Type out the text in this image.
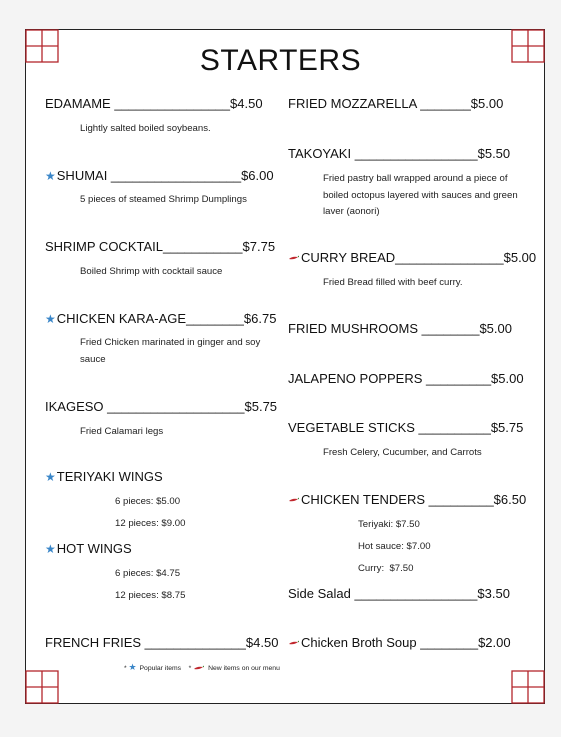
STARTERS
EDAMAME ________________$4.50
Lightly salted boiled soybeans.
★SHUMAI __________________$6.00
5 pieces of steamed Shrimp Dumplings
SHRIMP COCKTAIL___________$7.75
Boiled Shrimp with cocktail sauce
★CHICKEN KARA-AGE________$6.75
Fried Chicken marinated in ginger and soy sauce
IKAGESO ___________________$5.75
Fried Calamari legs
★TERIYAKI WINGS
6 pieces: $5.00
12 pieces: $9.00
★HOT WINGS
6 pieces: $4.75
12 pieces: $8.75
FRENCH FRIES ______________$4.50
FRIED MOZZARELLA _______$5.00
TAKOYAKI _________________$5.50
Fried pastry ball wrapped around a piece of boiled octopus layered with sauces and green laver (aonori)
CURRY BREAD_______________$5.00
Fried Bread filled with beef curry.
FRIED MUSHROOMS ________$5.00
JALAPENO POPPERS _________$5.00
VEGETABLE STICKS __________$5.75
Fresh Celery, Cucumber, and Carrots
CHICKEN TENDERS _________$6.50
Teriyaki: $7.50
Hot sauce: $7.00
Curry:  $7.50
Side Salad _________________$3.50
Chicken Broth Soup ________$2.00
* ★ Popular items * New items on our menu
